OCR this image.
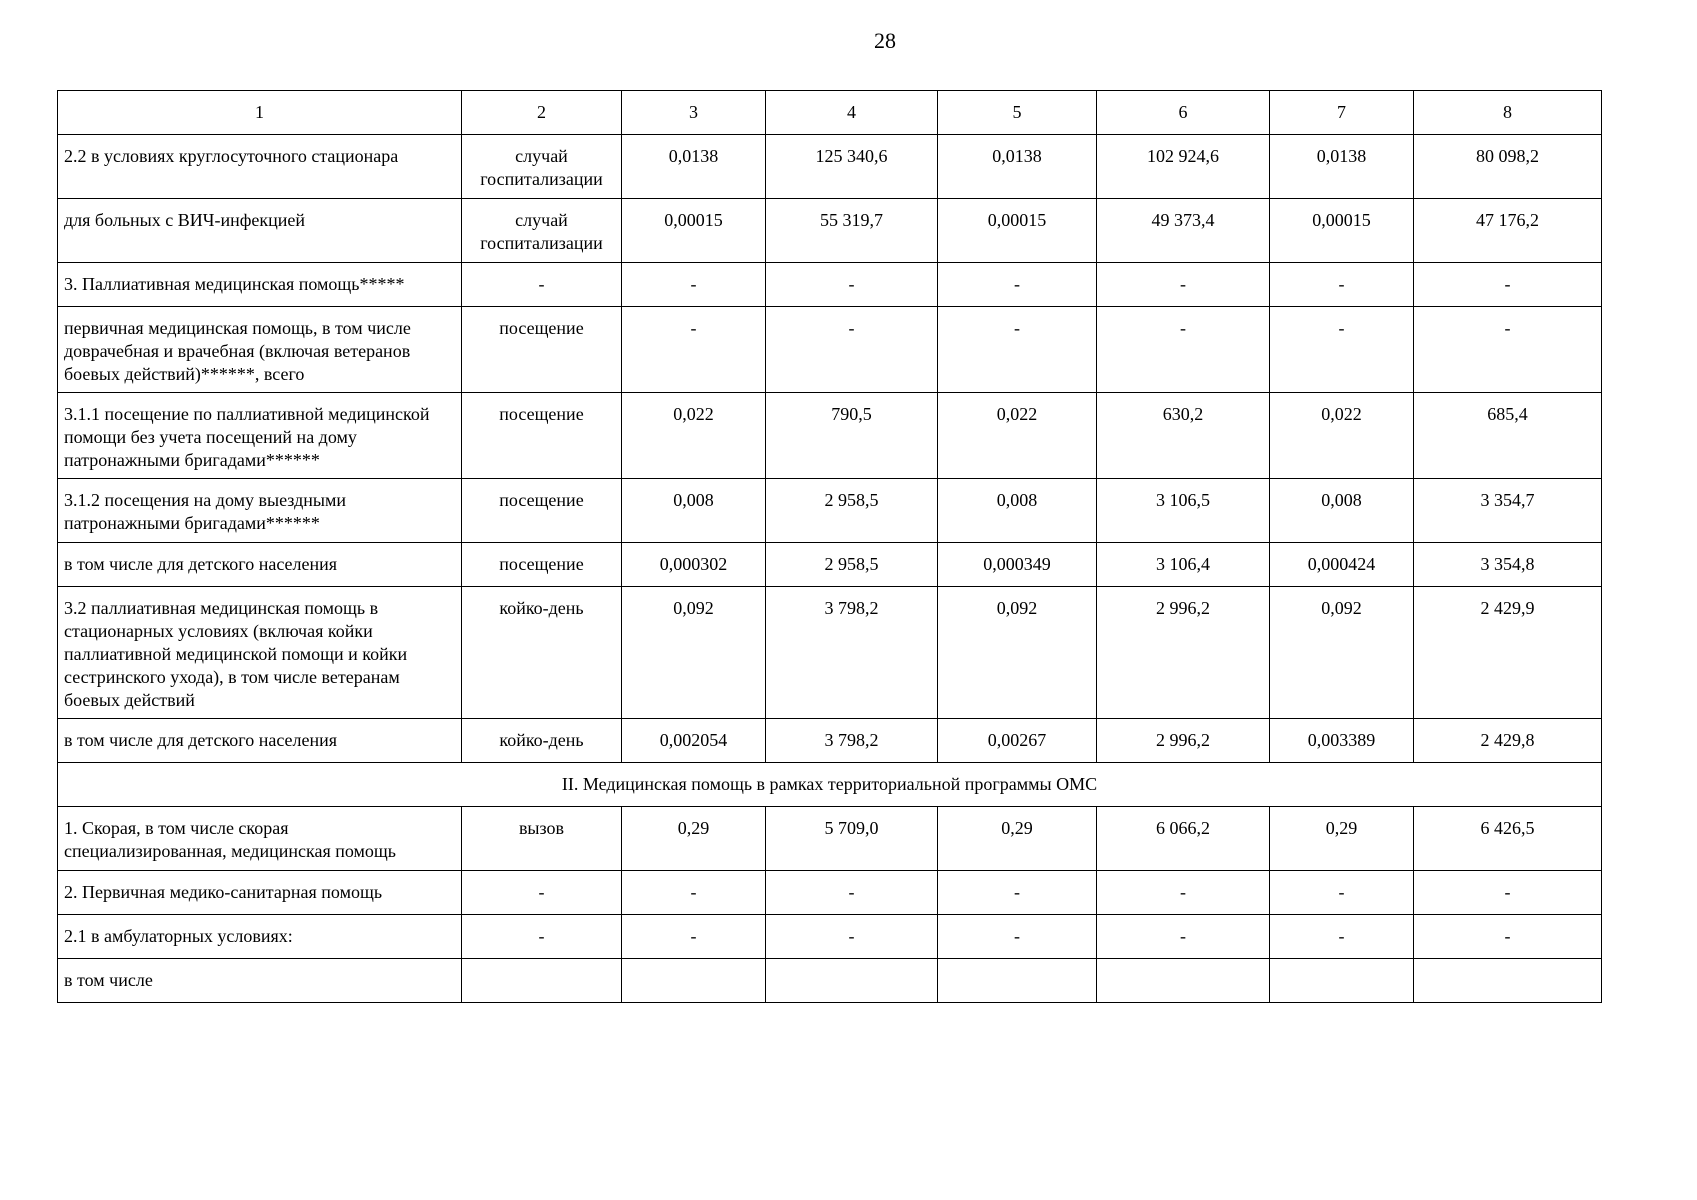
28
1	2	3	4	5	6	7	8
2.2 в условиях круглосуточного стационара	случай госпитализации	0,0138	125 340,6	0,0138	102 924,6	0,0138	80 098,2
для больных с ВИЧ-инфекцией	случай госпитализации	0,00015	55 319,7	0,00015	49 373,4	0,00015	47 176,2
3. Паллиативная медицинская помощь*****	-	-	-	-	-	-	-
первичная медицинская помощь, в том числе доврачебная и врачебная (включая ветеранов боевых действий)******, всего	посещение	-	-	-	-	-	-
3.1.1 посещение по паллиативной медицинской помощи без учета посещений на дому патронажными бригадами******	посещение	0,022	790,5	0,022	630,2	0,022	685,4
3.1.2 посещения на дому выездными патронажными бригадами******	посещение	0,008	2 958,5	0,008	3 106,5	0,008	3 354,7
в том числе для детского населения	посещение	0,000302	2 958,5	0,000349	3 106,4	0,000424	3 354,8
3.2 паллиативная медицинская помощь в стационарных условиях (включая койки паллиативной медицинской помощи и койки сестринского ухода), в том числе ветеранам боевых действий	койко-день	0,092	3 798,2	0,092	2 996,2	0,092	2 429,9
в том числе для детского населения	койко-день	0,002054	3 798,2	0,00267	2 996,2	0,003389	2 429,8
II. Медицинская помощь в рамках территориальной программы ОМС							
1. Скорая, в том числе скорая специализированная, медицинская помощь	вызов	0,29	5 709,0	0,29	6 066,2	0,29	6 426,5
2. Первичная медико-санитарная помощь	-	-	-	-	-	-	-
2.1 в амбулаторных условиях:	-	-	-	-	-	-	-
в том числе							
